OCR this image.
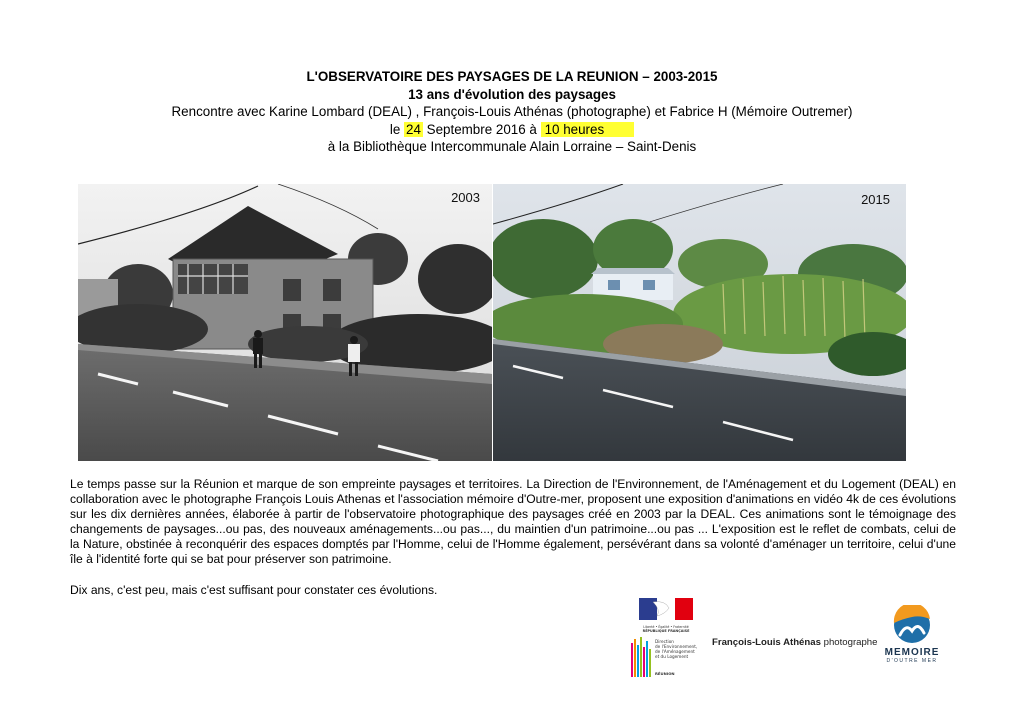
L'OBSERVATOIRE DES PAYSAGES DE LA REUNION – 2003-2015
13 ans d'évolution des paysages
Rencontre avec Karine Lombard (DEAL) , François-Louis Athénas (photographe) et Fabrice H (Mémoire Outremer)
le 24 Septembre 2016 à 10 heures
à la Bibliothèque Intercommunale Alain Lorraine – Saint-Denis
2003	2015

Le temps passe sur la Réunion et marque de son empreinte paysages et territoires. La Direction de l'Environnement, de l'Aménagement et du Logement (DEAL) en collaboration avec le photographe François Louis Athenas et l'association mémoire d'Outre-mer, proposent une exposition d'animations en vidéo 4k de ces évolutions sur les dix dernières années, élaborée à partir de l'observatoire photographique des paysages créé en 2003 par la DEAL. Ces animations sont le témoignage des changements de paysages...ou pas, des nouveaux aménagements...ou pas..., du maintien d'un patrimoine...ou pas ... L'exposition est le reflet de combats, celui de la Nature, obstinée à reconquérir des espaces domptés par l'Homme, celui de l'Homme également, persévérant dans sa volonté d'aménager un territoire, celui d'une île à l'identité forte qui se bat pour préserver son patrimoine.

Dix ans, c'est peu, mais c'est suffisant pour constater ces évolutions.

Liberté • Égalité • Fraternité
RÉPUBLIQUE FRANÇAISE
Direction
de l'Environnement,
de l'Aménagement
et du Logement
RÉUNION
François-Louis Athénas photographe
MEMOIRE
D'OUTRE MER
